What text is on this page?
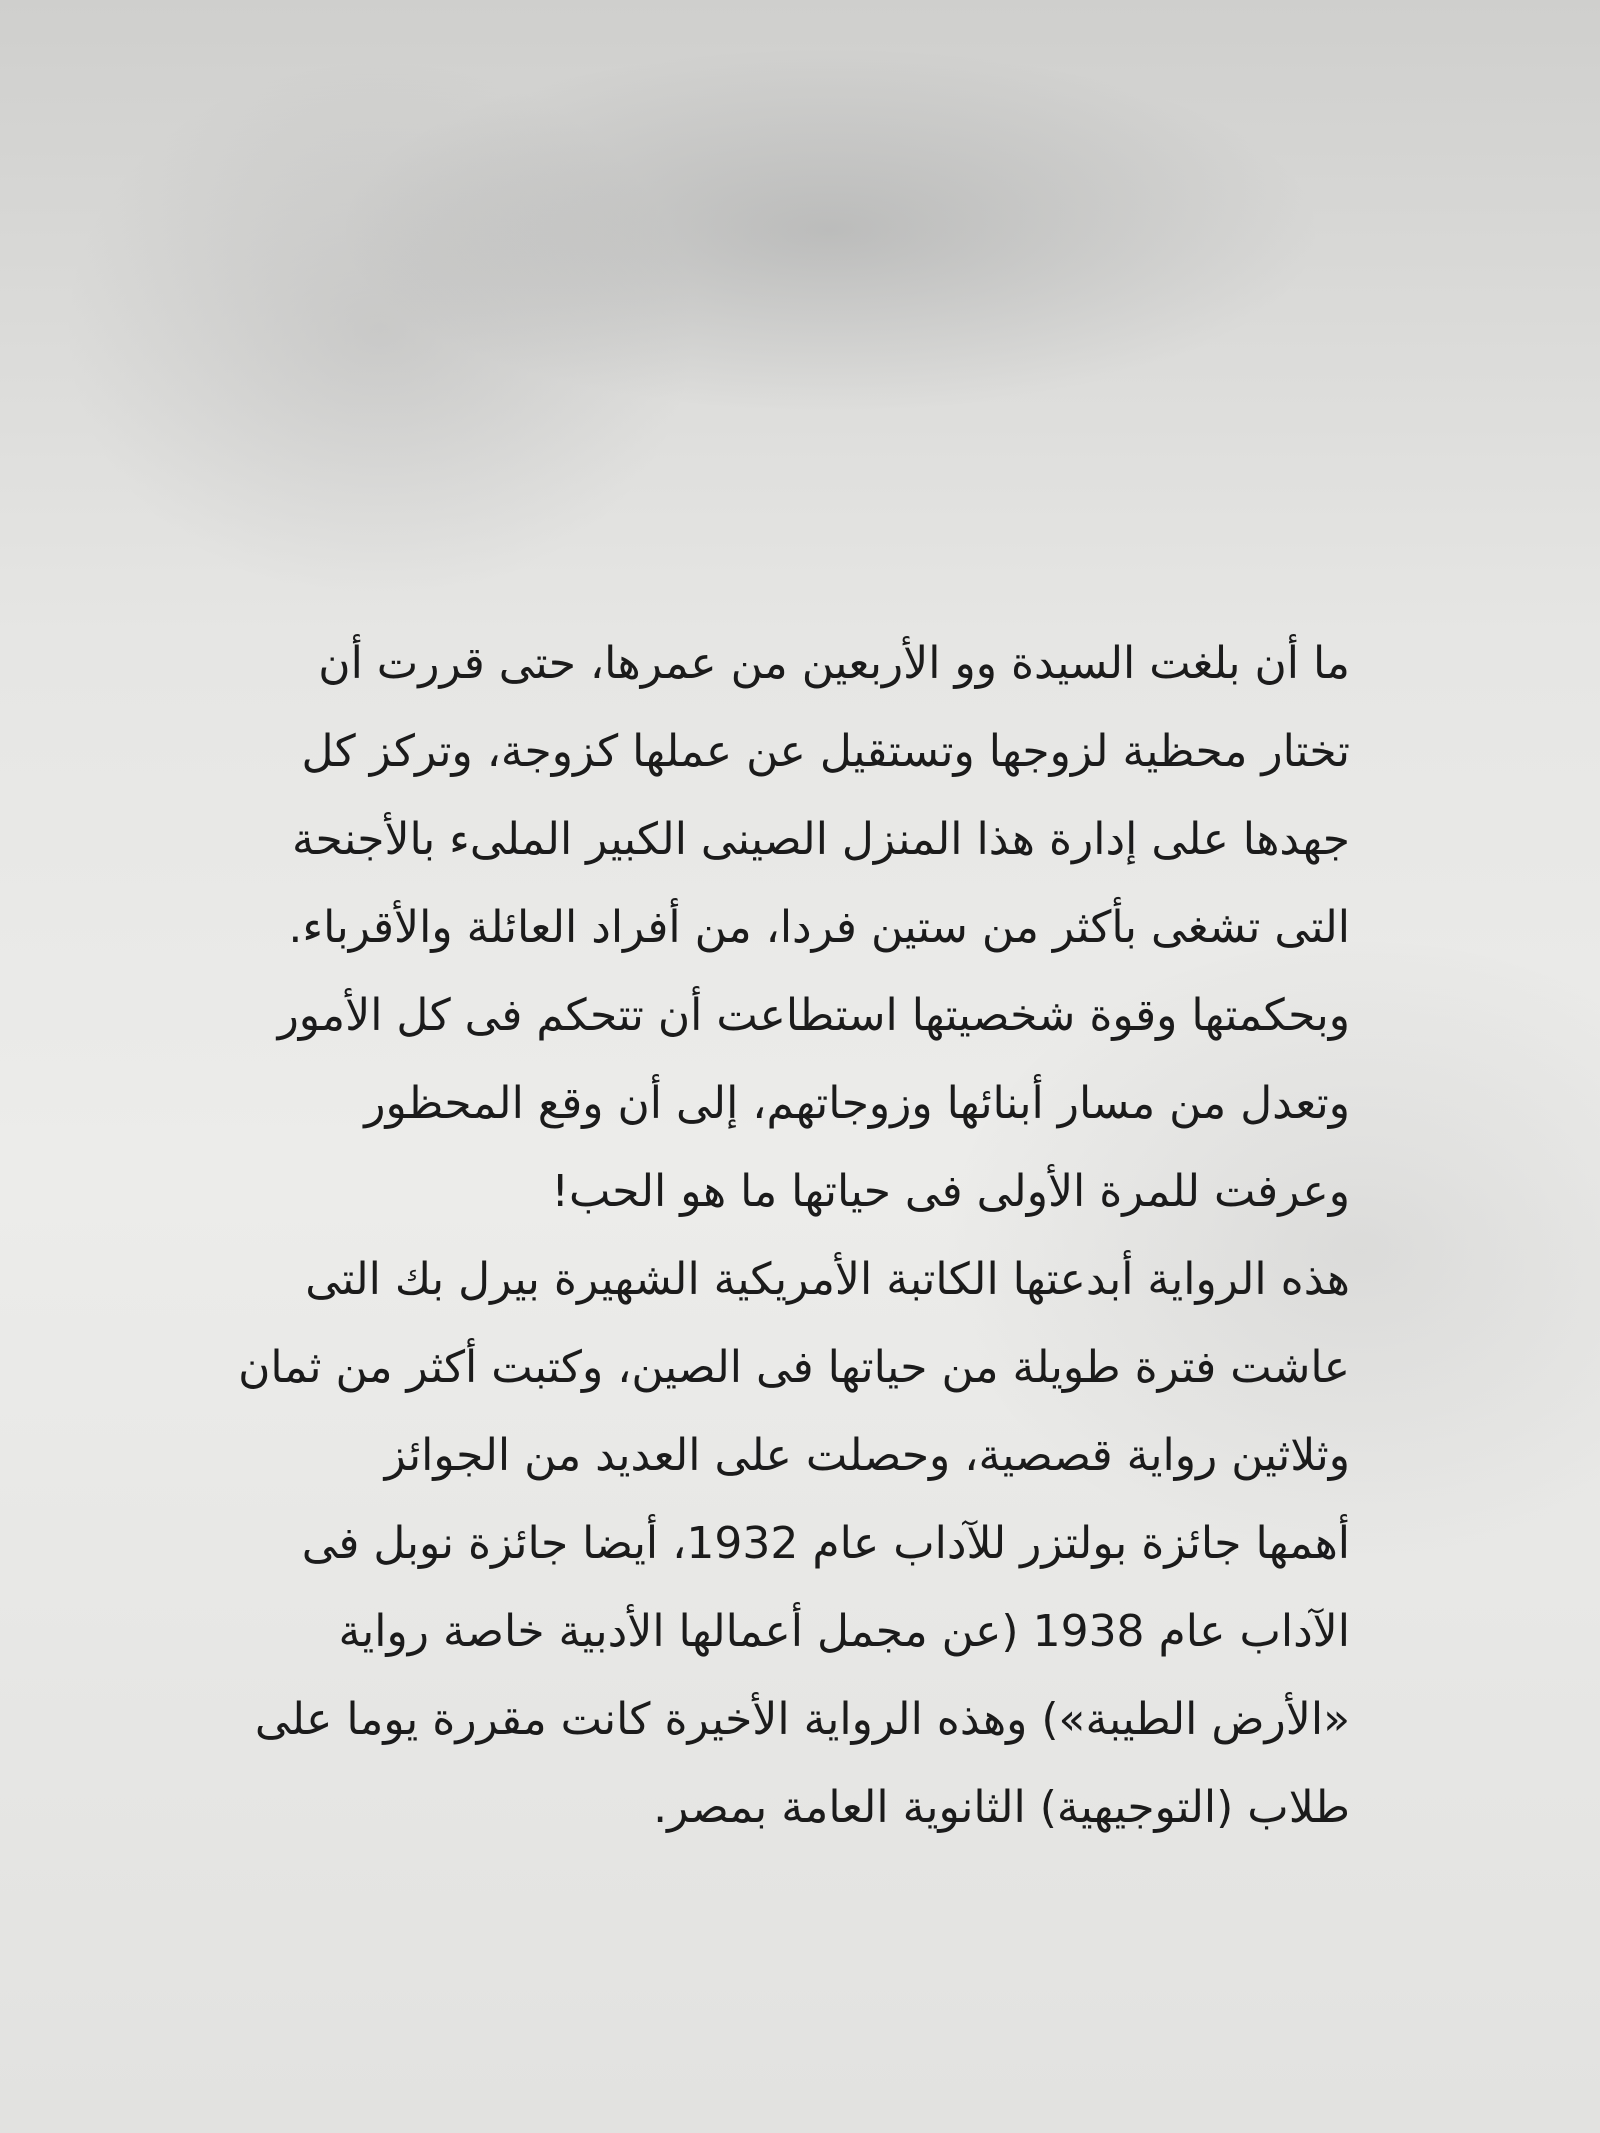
ما أن بلغت السيدة وو الأربعين من عمرها، حتى قررت أن
تختار محظية لزوجها وتستقيل عن عملها كزوجة، وتركز كل
جهدها على إدارة هذا المنزل الصينى الكبير الملىء بالأجنحة
التى تشغى بأكثر من ستين فردا، من أفراد العائلة والأقرباء.
وبحكمتها وقوة شخصيتها استطاعت أن تتحكم فى كل الأمور
وتعدل من مسار أبنائها وزوجاتهم، إلى أن وقع المحظور
وعرفت للمرة الأولى فى حياتها ما هو الحب!
هذه الرواية أبدعتها الكاتبة الأمريكية الشهيرة بيرل بك التى
عاشت فترة طويلة من حياتها فى الصين، وكتبت أكثر من ثمان
وثلاثين رواية قصصية، وحصلت على العديد من الجوائز
أهمها جائزة بولتزر للآداب عام 1932، أيضا جائزة نوبل فى
الآداب عام 1938 (عن مجمل أعمالها الأدبية خاصة رواية
«الأرض الطيبة») وهذه الرواية الأخيرة كانت مقررة يوما على
طلاب (التوجيهية) الثانوية العامة بمصر.
